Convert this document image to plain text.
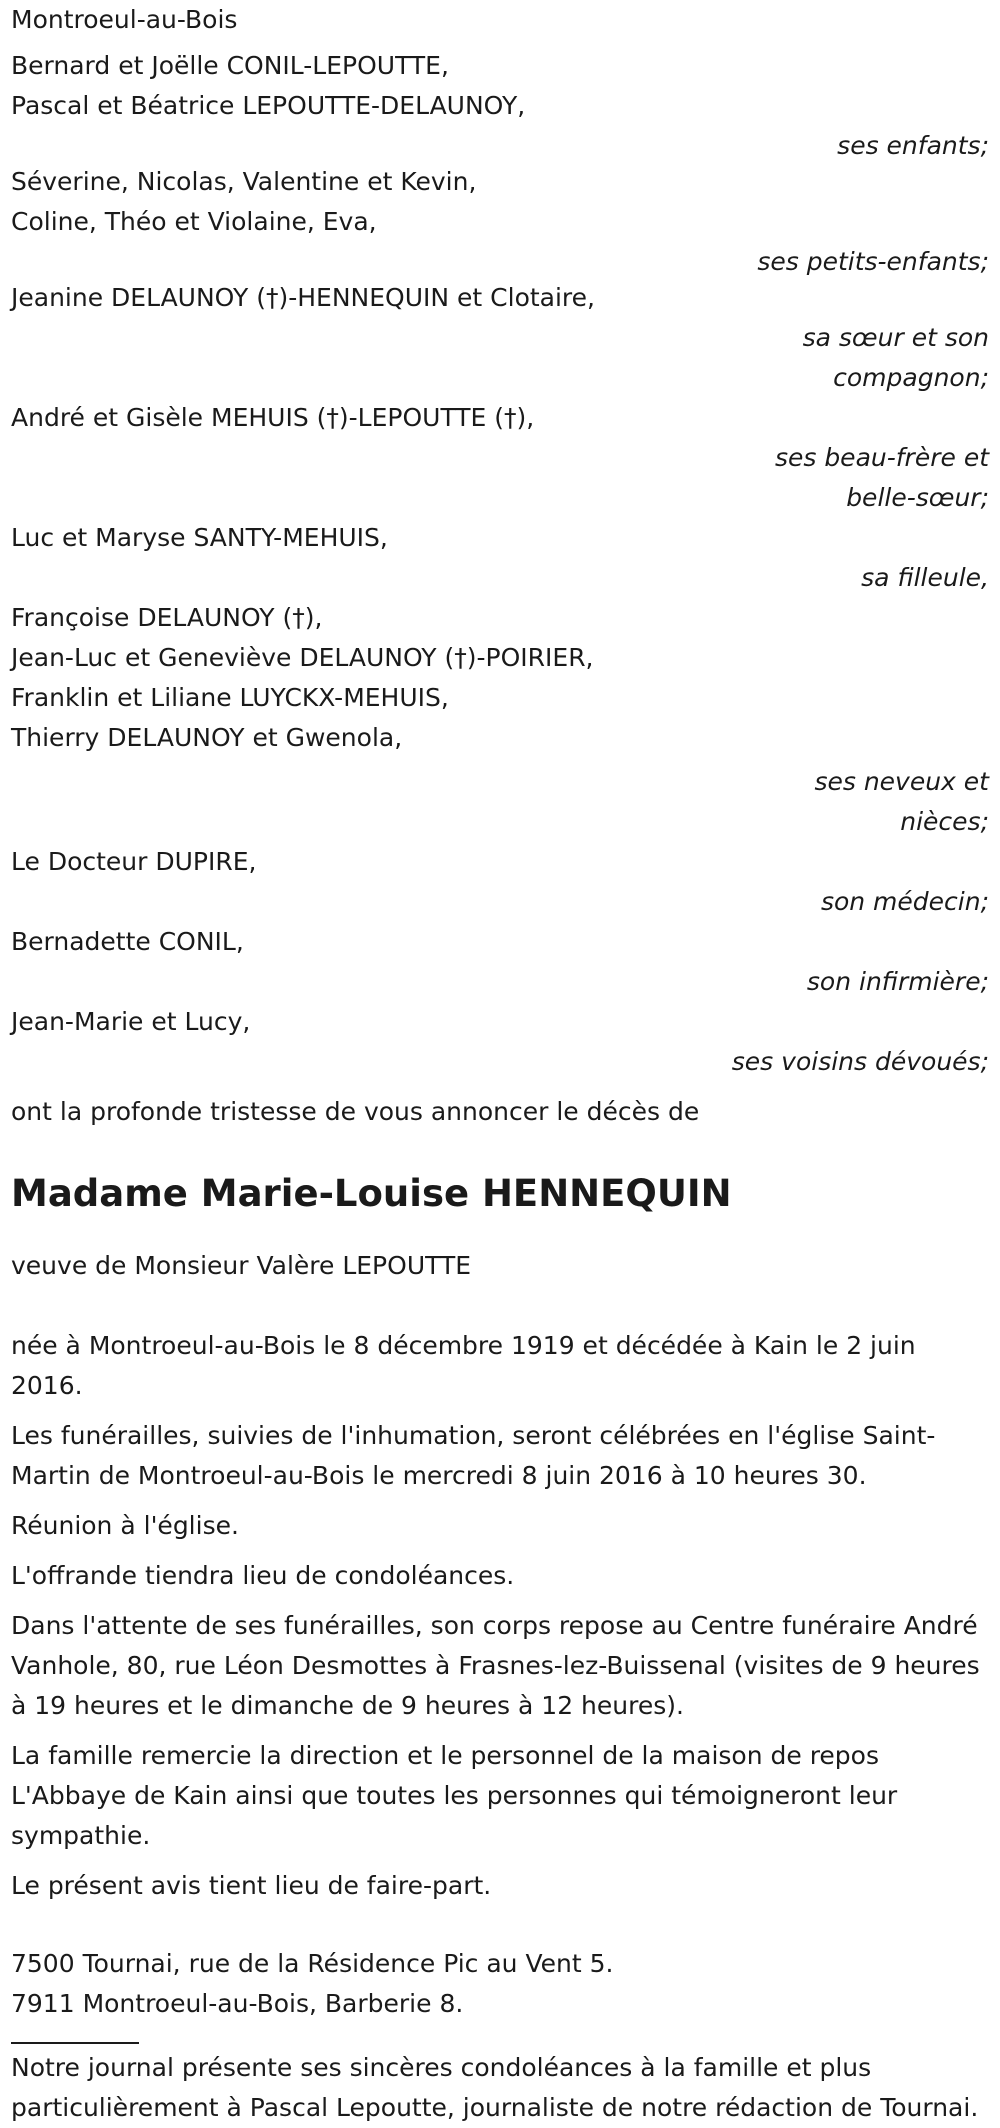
Montroeul-au-Bois
Bernard et Joëlle CONIL-LEPOUTTE,
Pascal et Béatrice LEPOUTTE-DELAUNOY,
ses enfants;
Séverine, Nicolas, Valentine et Kevin,
Coline, Théo et Violaine, Eva,
ses petits-enfants;
Jeanine DELAUNOY (†)-HENNEQUIN et Clotaire,
sa sœur et son
compagnon;
André et Gisèle MEHUIS (†)-LEPOUTTE (†),
ses beau-frère et
belle-sœur;
Luc et Maryse SANTY-MEHUIS,
sa filleule,
Françoise DELAUNOY (†),
Jean-Luc et Geneviève DELAUNOY (†)-POIRIER,
Franklin et Liliane LUYCKX-MEHUIS,
Thierry DELAUNOY et Gwenola,
ses neveux et
nièces;
Le Docteur DUPIRE,
son médecin;
Bernadette CONIL,
son infirmière;
Jean-Marie et Lucy,
ses voisins dévoués;
ont la profonde tristesse de vous annoncer le décès de
Madame Marie-Louise HENNEQUIN
veuve de Monsieur Valère LEPOUTTE
née à Montroeul-au-Bois le 8 décembre 1919 et décédée à Kain le 2 juin 2016.
Les funérailles, suivies de l'inhumation, seront célébrées en l'église Saint-Martin de Montroeul-au-Bois le mercredi 8 juin 2016 à 10 heures 30.
Réunion à l'église.
L'offrande tiendra lieu de condoléances.
Dans l'attente de ses funérailles, son corps repose au Centre funéraire André Vanhole, 80, rue Léon Desmottes à Frasnes-lez-Buissenal (visites de 9 heures à 19 heures et le dimanche de 9 heures à 12 heures).
La famille remercie la direction et le personnel de la maison de repos L'Abbaye de Kain ainsi que toutes les personnes qui témoigneront leur sympathie.
Le présent avis tient lieu de faire-part.
7500 Tournai, rue de la Résidence Pic au Vent 5.
7911 Montroeul-au-Bois, Barberie 8.
Notre journal présente ses sincères condoléances à la famille et plus particulièrement à Pascal Lepoutte, journaliste de notre rédaction de Tournai.
